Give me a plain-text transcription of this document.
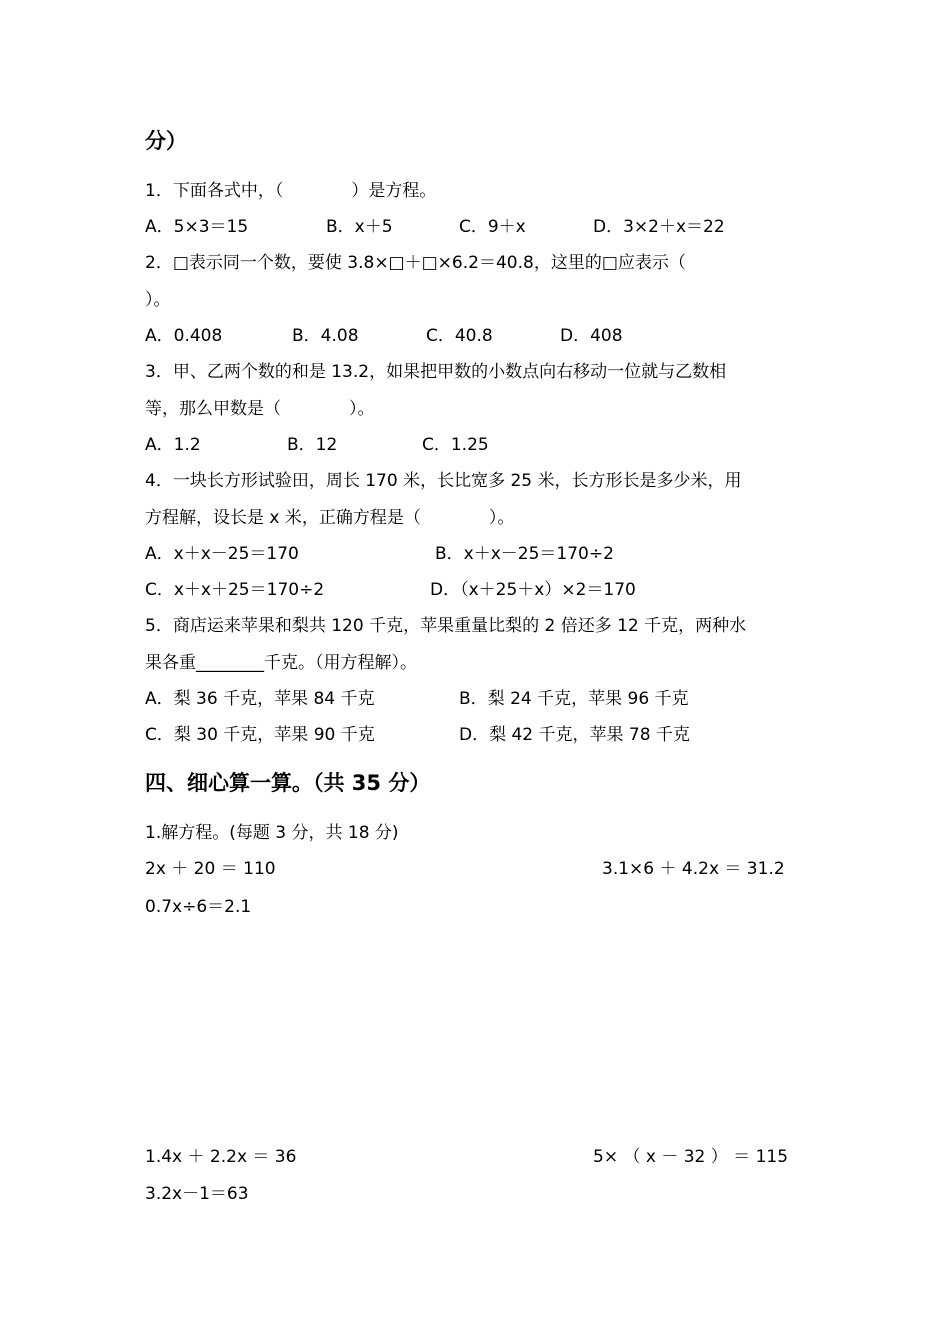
分）
1．下面各式中，（　　　　）是方程。
A．5×3＝15	B．x＋5	C．9＋x	D．3×2＋x＝22
2．□表示同一个数，要使 3.8×□＋□×6.2＝40.8，这里的□应表示（
）。
A．0.408	B．4.08	C．40.8	D．408
3．甲、乙两个数的和是 13.2，如果把甲数的小数点向右移动一位就与乙数相
等，那么甲数是（　　　　）。
A．1.2	B．12	C．1.25
4．一块长方形试验田，周长 170 米，长比宽多 25 米，长方形长是多少米，用
方程解，设长是 x 米，正确方程是（　　　　）。
A．x＋x－25＝170	B．x＋x－25＝170÷2
C．x＋x＋25＝170÷2	D．（x＋25＋x）×2＝170
5．商店运来苹果和梨共 120 千克，苹果重量比梨的 2 倍还多 12 千克，两种水
果各重________千克。（用方程解）。
A．梨 36 千克，苹果 84 千克	B．梨 24 千克，苹果 96 千克
C．梨 30 千克，苹果 90 千克	D．梨 42 千克，苹果 78 千克
四、细心算一算。（共 35 分）
1.解方程。(每题 3 分，共 18 分)
2x ＋ 20 ＝ 110	3.1×6 ＋ 4.2x ＝ 31.2
0.7x÷6＝2.1
1.4x ＋ 2.2x ＝ 36	5× （ x － 32 ） ＝ 115
3.2x－1＝63
